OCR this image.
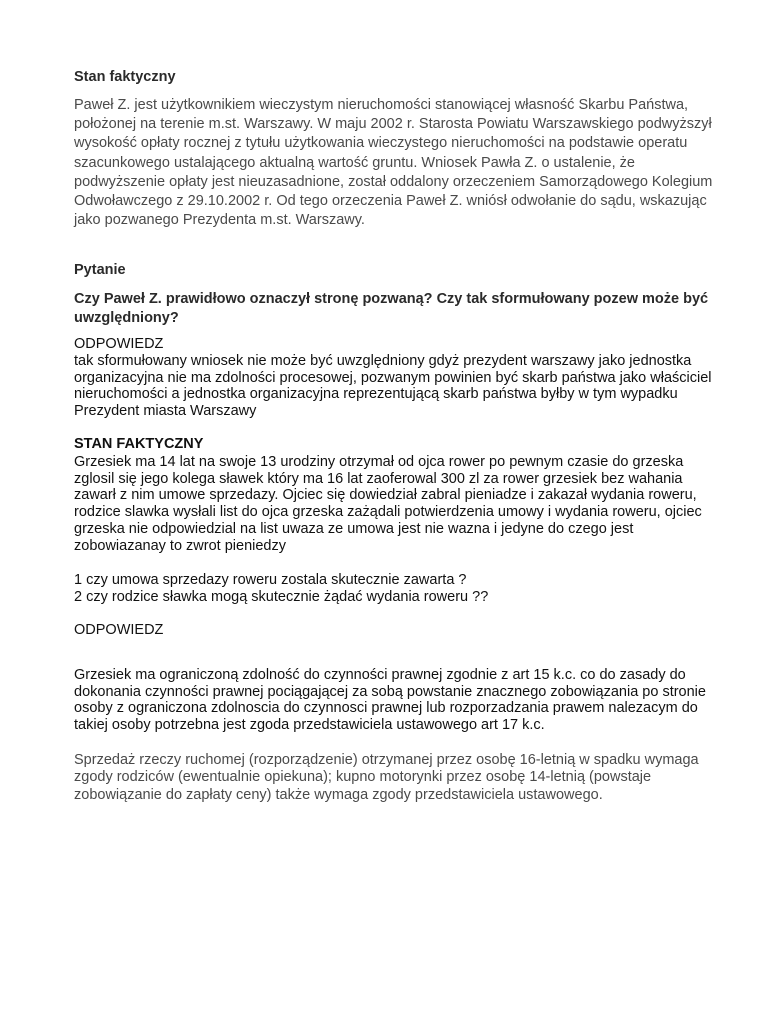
Stan faktyczny

Paweł Z. jest użytkownikiem wieczystym nieruchomości stanowiącej własność Skarbu Państwa, położonej na terenie m.st. Warszawy. W maju 2002 r. Starosta Powiatu Warszawskiego podwyższył wysokość opłaty rocznej z tytułu użytkowania wieczystego nieruchomości na podstawie operatu szacunkowego ustalającego aktualną wartość gruntu. Wniosek Pawła Z. o ustalenie, że podwyższenie opłaty jest nieuzasadnione, został oddalony orzeczeniem Samorządowego Kolegium Odwoławczego z 29.10.2002 r. Od tego orzeczenia Paweł Z. wniósł odwołanie do sądu, wskazując jako pozwanego Prezydenta m.st. Warszawy.

Pytanie

Czy Paweł Z. prawidłowo oznaczył stronę pozwaną? Czy tak sformułowany pozew może być uwzględniony?

ODPOWIEDZ

tak sformułowany wniosek nie może być uwzględniony gdyż prezydent warszawy jako jednostka organizacyjna nie ma zdolności procesowej, pozwanym powinien być skarb państwa jako właściciel nieruchomości a jednostka organizacyjna reprezentującą skarb państwa byłby w tym wypadku Prezydent miasta Warszawy

STAN FAKTYCZNY

Grzesiek ma 14 lat na swoje 13 urodziny otrzymał od ojca rower po pewnym czasie do grzeska zglosil się jego kolega sławek który ma 16 lat zaoferowal 300 zl za rower grzesiek bez wahania zawarł z nim umowe sprzedazy. Ojciec się dowiedział zabral pieniadze i zakazał wydania roweru, rodzice slawka wysłali list do ojca grzeska zażądali potwierdzenia umowy i wydania roweru, ojciec grzeska nie odpowiedzial na list uwaza ze umowa jest nie wazna i jedyne do czego jest zobowiazanay to zwrot pieniedzy

1 czy umowa sprzedazy roweru zostala skutecznie zawarta ?

2 czy rodzice sławka mogą skutecznie żądać wydania roweru ??

ODPOWIEDZ

Grzesiek ma ograniczoną zdolność do czynności prawnej zgodnie z art 15 k.c. co do zasady do dokonania czynności prawnej pociągającej za sobą powstanie znacznego zobowiązania po stronie osoby z ograniczona zdolnoscia do czynnosci prawnej lub rozporzadzania prawem nalezacym do takiej osoby potrzebna jest zgoda przedstawiciela ustawowego art 17 k.c.

Sprzedaż rzeczy ruchomej (rozporządzenie) otrzymanej przez osobę 16-letnią w spadku wymaga zgody rodziców (ewentualnie opiekuna); kupno motorynki przez osobę 14-letnią (powstaje zobowiązanie do zapłaty ceny) także wymaga zgody przedstawiciela ustawowego.
